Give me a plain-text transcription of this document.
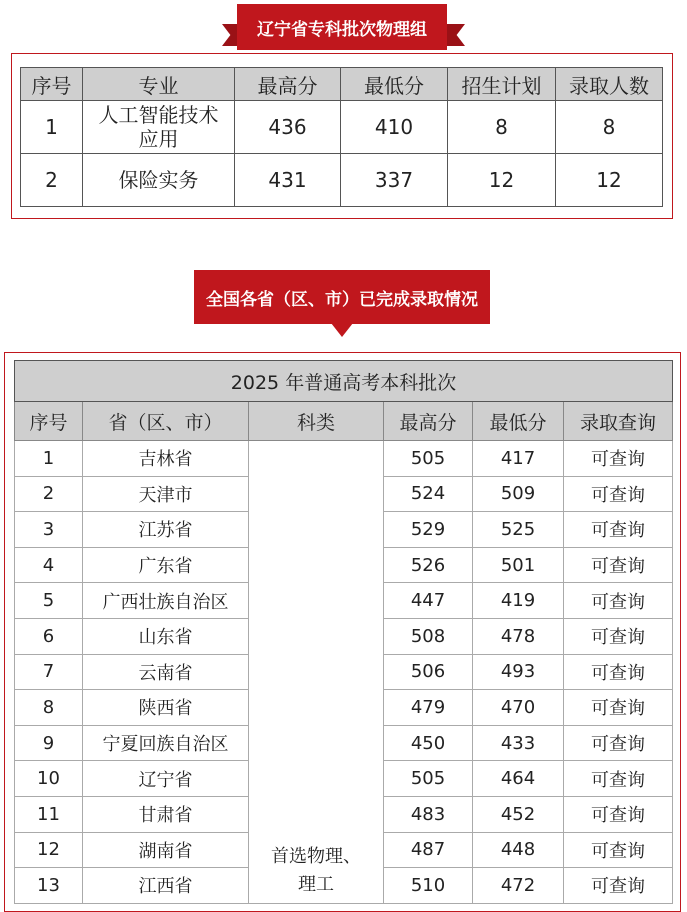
辽宁省专科批次物理组
序号	专业	最高分	最低分	招生计划	录取人数
1	人工智能技术应用	436	410	8	8
2	保险实务	431	337	12	12
全国各省（区、市）已完成录取情况
2025 年普通高考本科批次					
序号	省（区、市）	科类	最高分	最低分	录取查询
1	吉林省	首选物理、理工	505	417	可查询
2	天津市		524	509	可查询
3	江苏省		529	525	可查询
4	广东省		526	501	可查询
5	广西壮族自治区		447	419	可查询
6	山东省		508	478	可查询
7	云南省		506	493	可查询
8	陕西省		479	470	可查询
9	宁夏回族自治区		450	433	可查询
10	辽宁省		505	464	可查询
11	甘肃省		483	452	可查询
12	湖南省		487	448	可查询
13	江西省		510	472	可查询
